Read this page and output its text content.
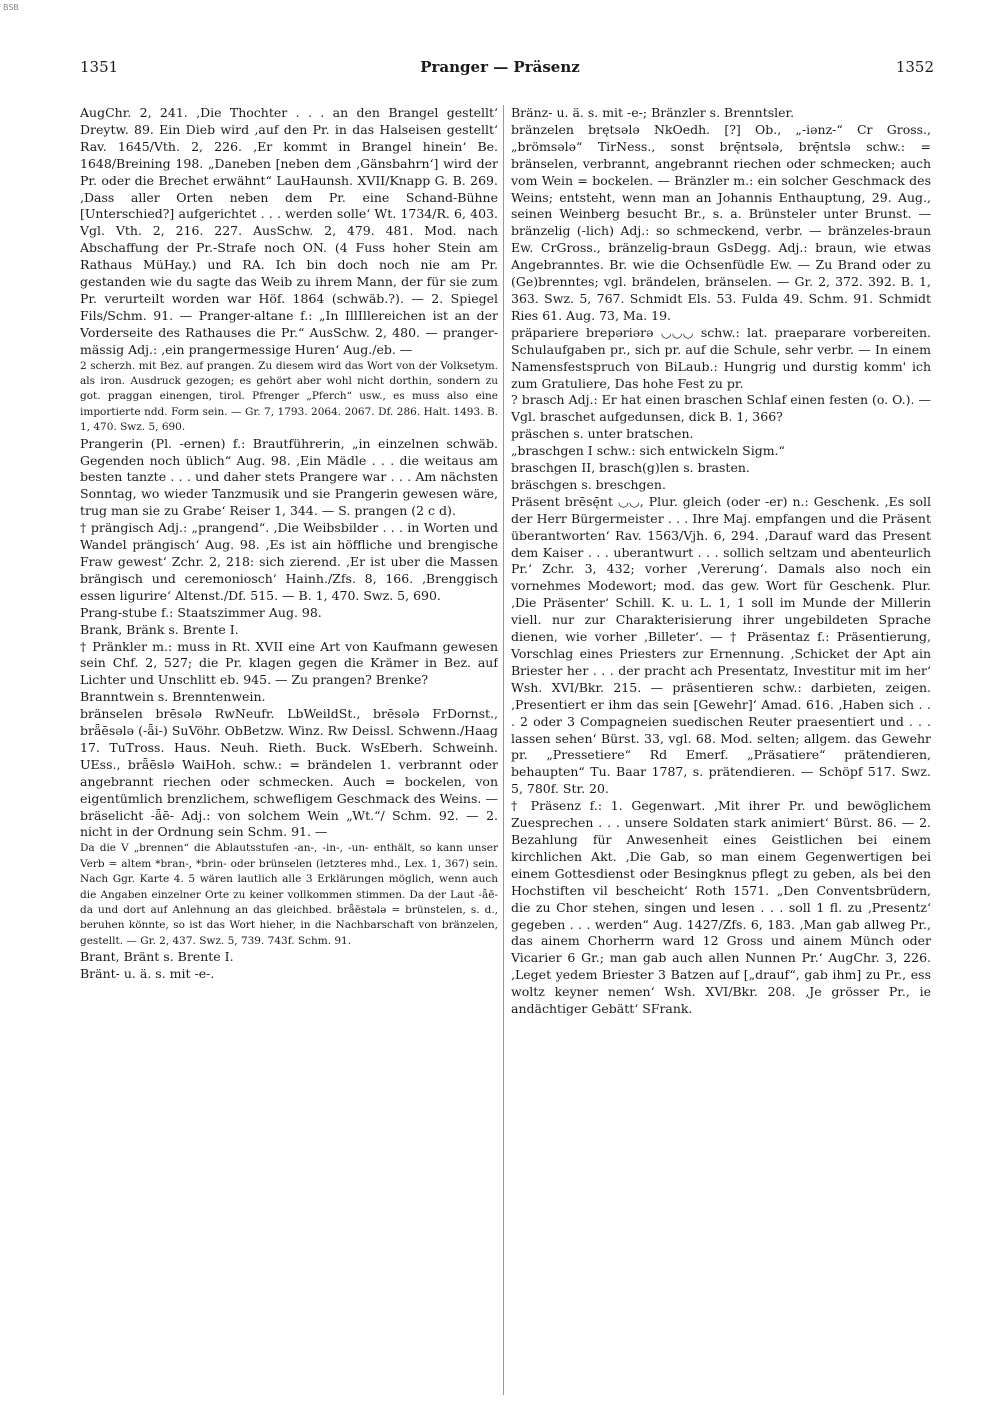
BSB
1351	Pranger — Präsenz	1352

AugChr. 2, 241. ‚Die Thochter . . . an den Brangel gestellt‘ Dreytw. 89. Ein Dieb wird ‚auf den Pr. in das Halseisen gestellt‘ Rav. 1645/Vth. 2, 226. ‚Er kommt in Brangel hinein‘ Be. 1648/Breining 198. „Daneben [neben dem ‚Gänsbahrn‘] wird der Pr. oder die Brechet erwähnt“ LauHaunsh. XVII/Knapp G. B. 269. ‚Dass aller Orten neben dem Pr. eine Schand-Bühne [Unterschied?] aufgerichtet . . . werden solle‘ Wt. 1734/R. 6, 403. Vgl. Vth. 2, 216. 227. AusSchw. 2, 479. 481. Mod. nach Abschaffung der Pr.-Strafe noch ON. (4 Fuss hoher Stein am Rathaus MüHay.) und RA. Ich bin doch noch nie am Pr. gestanden wie du sagte das Weib zu ihrem Mann, der für sie zum Pr. verurteilt worden war Höf. 1864 (schwäb.?). — 2. Spiegel Fils/Schm. 91. — Pranger-altane f.: „In IllIllereichen ist an der Vorderseite des Rathauses die Pr.“ AusSchw. 2, 480. — pranger-mässig Adj.: ‚ein prangermessige Huren‘ Aug./eb. —

2 scherzh. mit Bez. auf prangen. Zu diesem wird das Wort von der Volksetym. als iron. Ausdruck gezogen; es gehört aber wohl nicht dorthin, sondern zu got. praggan einengen, tirol. Pfrenger „Pferch“ usw., es muss also eine importierte ndd. Form sein. — Gr. 7, 1793. 2064. 2067. Df. 286. Halt. 1493. B. 1, 470. Swz. 5, 690.

Prangerin (Pl. -ernen) f.: Brautführerin, „in einzelnen schwäb. Gegenden noch üblich“ Aug. 98. ‚Ein Mädle . . . die weitaus am besten tanzte . . . und daher stets Prangere war . . . Am nächsten Sonntag, wo wieder Tanzmusik und sie Prangerin gewesen wäre, trug man sie zu Grabe‘ Reiser 1, 344. — S. prangen (2 c d).

† prängisch Adj.: „prangend“. ‚Die Weibsbilder . . . in Worten und Wandel prängisch‘ Aug. 98. ‚Es ist ain höffliche und brengische Fraw gewest‘ Zchr. 2, 218: sich zierend. ‚Er ist uber die Massen brängisch und ceremoniosch‘ Hainh./Zfs. 8, 166. ‚Brenggisch essen ligurire‘ Altenst./Df. 515. — B. 1, 470. Swz. 5, 690.

Prang-stube f.: Staatszimmer Aug. 98.

Brank, Bränk s. Brente I.

† Pränkler m.: muss in Rt. XVII eine Art von Kaufmann gewesen sein Chf. 2, 527; die Pr. klagen gegen die Krämer in Bez. auf Lichter und Unschlitt eb. 945. — Zu prangen? Brenke?

Branntwein s. Brenntenwein.

bränselen brēsələ RwNeufr. LbWeildSt., brēsələ FrDornst., brǟēsələ (-ǟi-) SuVöhr. ObBetzw. Winz. Rw Deissl. Schwenn./Haag 17. TuTross. Haus. Neuh. Rieth. Buck. WsEberh. Schweinh. UEss., brǟēslə WaiHoh. schw.: = brändelen 1. verbrannt oder angebrannt riechen oder schmecken. Auch = bockelen, von eigentümlich brenzlichem, schwefligem Geschmack des Weins. — bräselicht -ǟē- Adj.: von solchem Wein „Wt.“/ Schm. 92. — 2. nicht in der Ordnung sein Schm. 91. —

Da die V „brennen“ die Ablautsstufen -an-, -in-, -un- enthält, so kann unser Verb = altem *bran-, *brin- oder brünselen (letzteres mhd., Lex. 1, 367) sein. Nach Ggr. Karte 4. 5 wären lautlich alle 3 Erklärungen möglich, wenn auch die Angaben einzelner Orte zu keiner vollkommen stimmen. Da der Laut -ǟē- da und dort auf Anlehnung an das gleichbed. brǟēstələ = brünstelen, s. d., beruhen könnte, so ist das Wort hieher, in die Nachbarschaft von bränzelen, gestellt. — Gr. 2, 437. Swz. 5, 739. 743f. Schm. 91.

Brant, Bränt s. Brente I.

Bränt- u. ä. s. mit -e-.

Bränz- u. ä. s. mit -e-; Bränzler s. Brenntsler.

bränzelen brętsələ NkOedh. [?] Ob., „-iənz-“ Cr Gross., „brömsələ“ TirNess., sonst brę̄ntsələ, brę̄ntslə schw.: = bränselen, verbrannt, angebrannt riechen oder schmecken; auch vom Wein = bockelen. — Bränzler m.: ein solcher Geschmack des Weins; entsteht, wenn man an Johannis Enthauptung, 29. Aug., seinen Weinberg besucht Br., s. a. Brünsteler unter Brunst. — bränzelig (-lich) Adj.: so schmeckend, verbr. — bränzeles-braun Ew. CrGross., bränzelig-braun GsDegg. Adj.: braun, wie etwas Angebranntes. Br. wie die Ochsenfüdle Ew. — Zu Brand oder zu (Ge)brenntes; vgl. brändelen, bränselen. — Gr. 2, 372. 392. B. 1, 363. Swz. 5, 767. Schmidt Els. 53. Fulda 49. Schm. 91. Schmidt Ries 61. Aug. 73, Ma. 19.

präpariere brepəriərə ◡◡◡ schw.: lat. praeparare vorbereiten. Schulaufgaben pr., sich pr. auf die Schule, sehr verbr. — In einem Namensfestspruch von BiLaub.: Hungrig und durstig komm' ich zum Gratuliere, Das hohe Fest zu pr.

? brasch Adj.: Er hat einen braschen Schlaf einen festen (o. O.). — Vgl. braschet aufgedunsen, dick B. 1, 366?

präschen s. unter bratschen.

„braschgen I schw.: sich entwickeln Sigm.“

braschgen II, brasch(g)len s. brasten.

bräschgen s. breschgen.

Präsent brēsę̄nt ◡◡, Plur. gleich (oder -er) n.: Geschenk. ‚Es soll der Herr Bürgermeister . . . Ihre Maj. empfangen und die Präsent überantworten‘ Rav. 1563/Vjh. 6, 294. ‚Darauf ward das Present dem Kaiser . . . uberantwurt . . . sollich seltzam und abenteurlich Pr.‘ Zchr. 3, 432; vorher ‚Vererung‘. Damals also noch ein vornehmes Modewort; mod. das gew. Wort für Geschenk. Plur. ‚Die Präsenter‘ Schill. K. u. L. 1, 1 soll im Munde der Millerin viell. nur zur Charakterisierung ihrer ungebildeten Sprache dienen, wie vorher ‚Billeter‘. — † Präsentaz f.: Präsentierung, Vorschlag eines Priesters zur Ernennung. ‚Schicket der Apt ain Briester her . . . der pracht ach Presentatz, Investitur mit im her‘ Wsh. XVI/Bkr. 215. — präsentieren schw.: darbieten, zeigen. ‚Presentiert er ihm das sein [Gewehr]‘ Amad. 616. ‚Haben sich . . . 2 oder 3 Compagneien suedischen Reuter praesentiert und . . . lassen sehen‘ Bürst. 33, vgl. 68. Mod. selten; allgem. das Gewehr pr. „Pressetiere“ Rd Emerf. „Präsatiere“ prätendieren, behaupten“ Tu. Baar 1787, s. prätendieren. — Schöpf 517. Swz. 5, 780f. Str. 20.

† Präsenz f.: 1. Gegenwart. ‚Mit ihrer Pr. und bewöglichem Zuesprechen . . . unsere Soldaten stark animiert‘ Bürst. 86. — 2. Bezahlung für Anwesenheit eines Geistlichen bei einem kirchlichen Akt. ‚Die Gab, so man einem Gegenwertigen bei einem Gottesdienst oder Besingknus pflegt zu geben, als bei den Hochstiften vil bescheicht‘ Roth 1571. „Den Conventsbrüdern, die zu Chor stehen, singen und lesen . . . soll 1 fl. zu ‚Presentz‘ gegeben . . . werden“ Aug. 1427/Zfs. 6, 183. ‚Man gab allweg Pr., das ainem Chorherrn ward 12 Gross und ainem Münch oder Vicarier 6 Gr.; man gab auch allen Nunnen Pr.‘ AugChr. 3, 226. ‚Leget yedem Briester 3 Batzen auf [„drauf“, gab ihm] zu Pr., ess woltz keyner nemen‘ Wsh. XVI/Bkr. 208. ‚Je grösser Pr., ie andächtiger Gebätt‘ SFrank.
